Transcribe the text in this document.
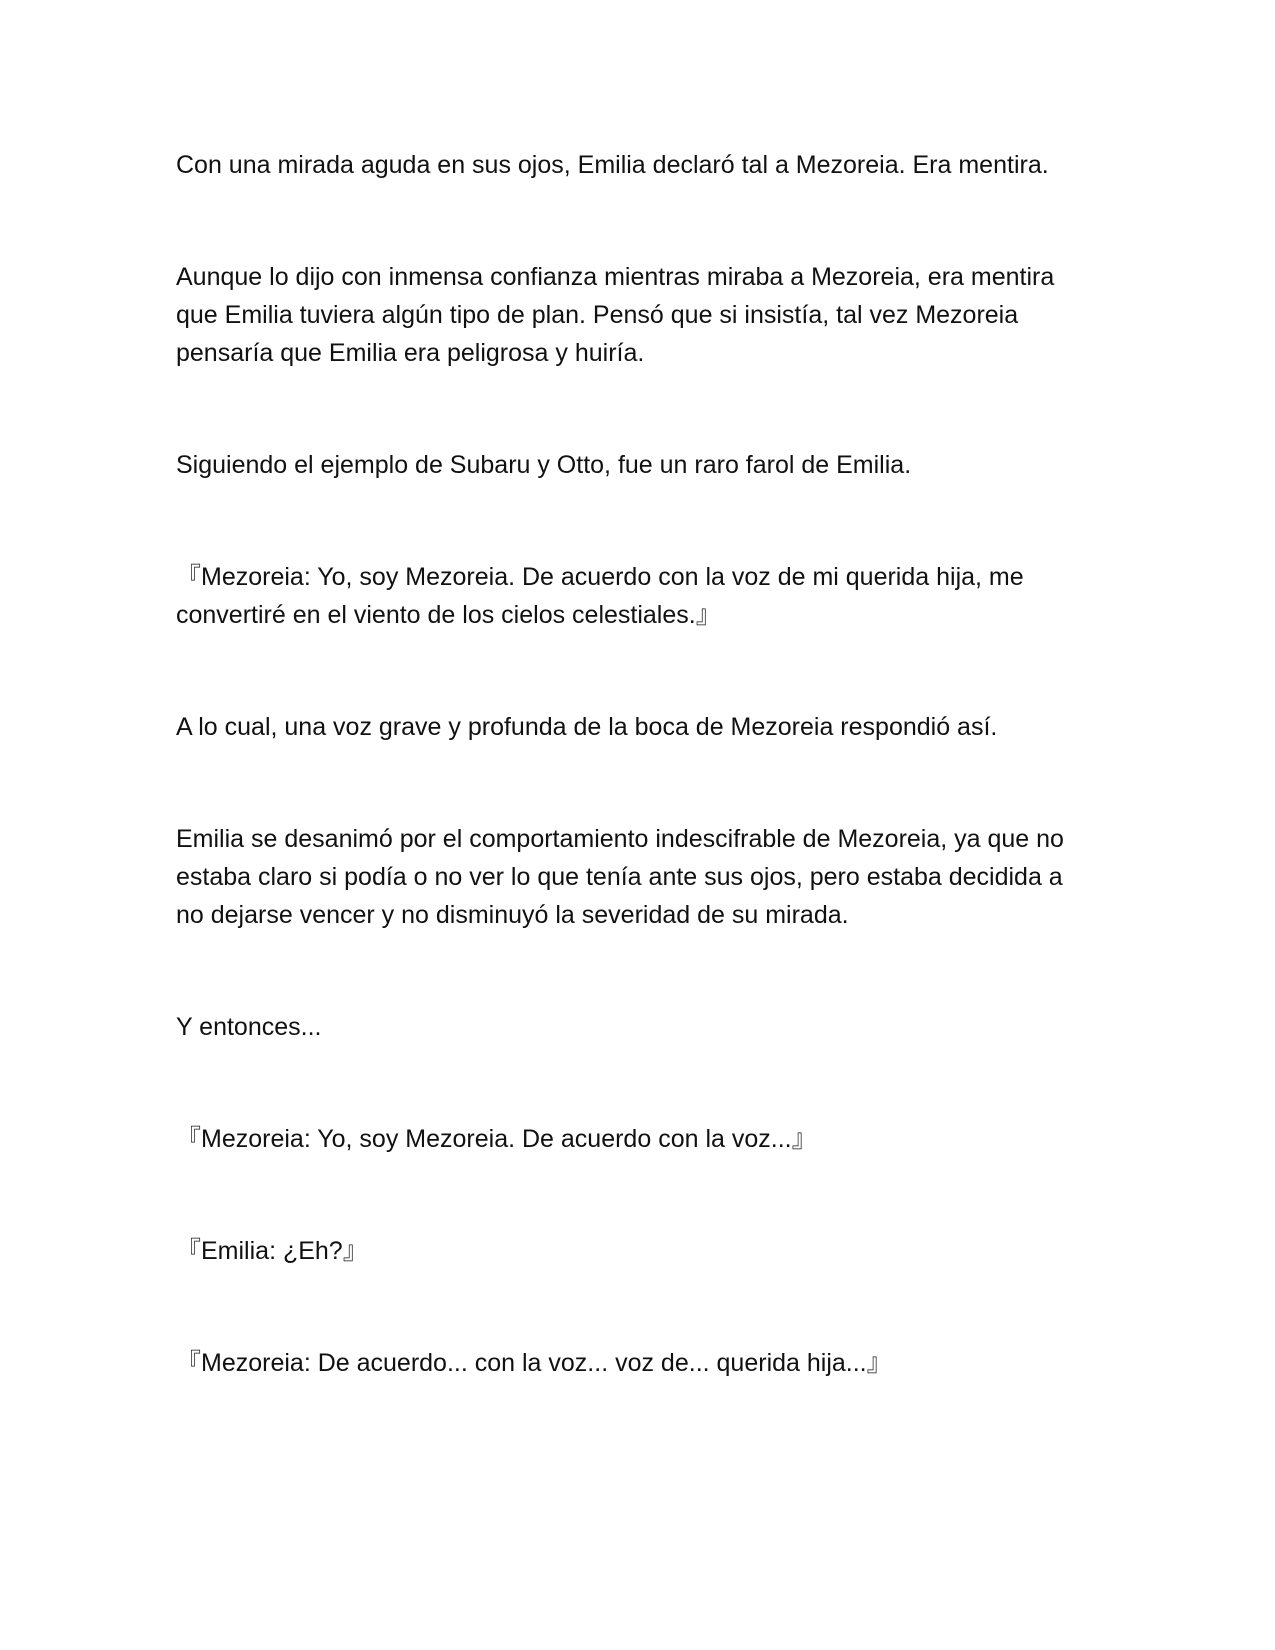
Con una mirada aguda en sus ojos, Emilia declaró tal a Mezoreia. Era mentira.

Aunque lo dijo con inmensa confianza mientras miraba a Mezoreia, era mentira que Emilia tuviera algún tipo de plan. Pensó que si insistía, tal vez Mezoreia pensaría que Emilia era peligrosa y huiría.

Siguiendo el ejemplo de Subaru y Otto, fue un raro farol de Emilia.

『Mezoreia: Yo, soy Mezoreia. De acuerdo con la voz de mi querida hija, me convertiré en el viento de los cielos celestiales.』

A lo cual, una voz grave y profunda de la boca de Mezoreia respondió así.

Emilia se desanimó por el comportamiento indescifrable de Mezoreia, ya que no estaba claro si podía o no ver lo que tenía ante sus ojos, pero estaba decidida a no dejarse vencer y no disminuyó la severidad de su mirada.

Y entonces...

『Mezoreia: Yo, soy Mezoreia. De acuerdo con la voz...』

『Emilia: ¿Eh?』

『Mezoreia: De acuerdo... con la voz... voz de... querida hija...』
